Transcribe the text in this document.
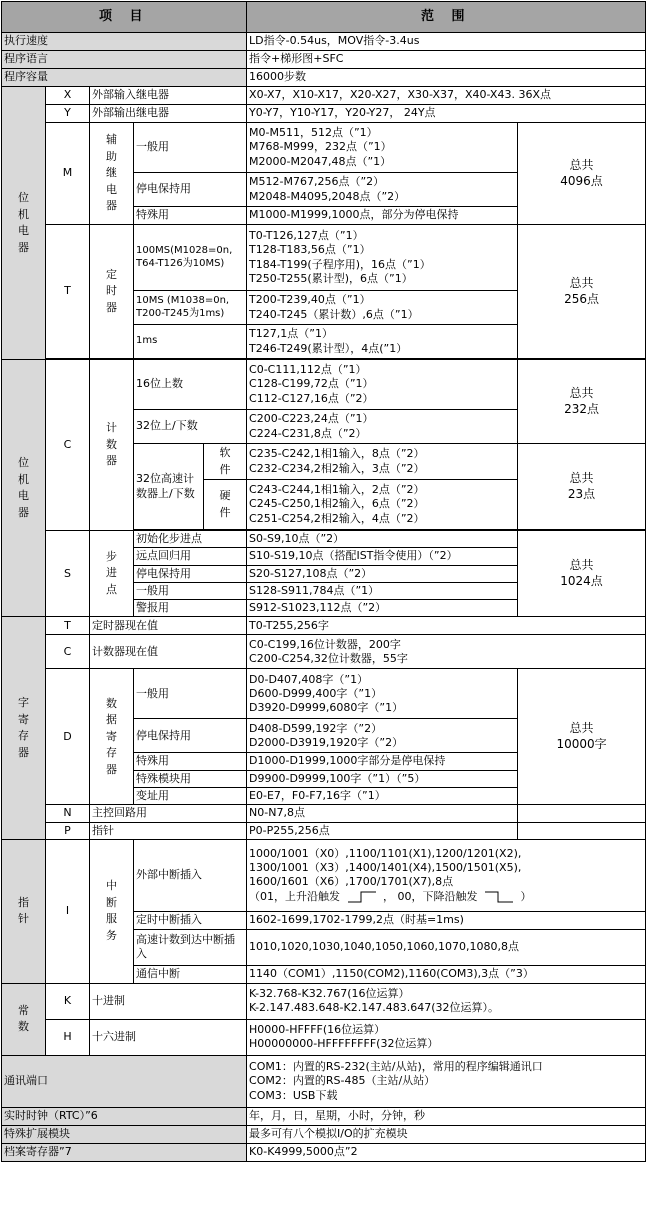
项 目					范 围	
执行速度					LD指令-0.54us，MOV指令-3.4us	
程序语言					指令+梯形图+SFC	
程序容量					16000步数	
位机电器	X	外部输入继电器			X0-X7，X10-X17，X20-X27，X30-X37，X40-X43. 36X点	
	Y	外部输出继电器			Y0-Y7，Y10-Y17，Y20-Y27， 24Y点	
	M	辅助继电器	一般用		M0-M511，512点（”1）
M768-M999，232点（”1）
M2000-M2047,48点（”1）	总共
4096点

			停电保持用		M512-M767,256点（”2）
M2048-M4095,2048点（”2）	

			特殊用		M1000-M1999,1000点，部分为停电保持	
	T	定时器	100MS(M1028=0n, T64-T126为10MS)		T0-T126,127点（”1）
T128-T183,56点（”1）
T184-T199(子程序用)，16点（”1）
T250-T255(累计型)，6点（”1）	总共
256点

			10MS (M1038=0n, T200-T245为1ms)		T200-T239,40点（”1）
T240-T245（累计数）,6点（”1）	

			1ms		T127,1点（”1）
T246-T249(累计型），4点(”1）	

位机电器	C	计数器	16位上数		C0-C111,112点（”1）
C128-C199,72点（”1）
C112-C127,16点（”2）	总共
232点

			32位上/下数		C200-C223,24点（”1）
C224-C231,8点（”2）	

			32位高速计数器上/下数	软件	C235-C242,1相1输入，8点（”2）
C232-C234,2相2输入，3点（”2）	总共
23点

				硬件	C243-C244,1相1输入，2点（”2）
C245-C250,1相2输入，6点（”2）
C251-C254,2相2输入，4点（”2）	

	S	步进点	初始化步进点		S0-S9,10点（”2）	总共
1024点

			远点回归用		S10-S19,10点（搭配IST指令使用）（”2）	
			停电保持用		S20-S127,108点（”2）	
			一般用		S128-S911,784点（”1）	
			警报用		S912-S1023,112点（”2）	
字寄存器	T	定时器现在值			T0-T255,256字	
	C	计数器现在值			C0-C199,16位计数器，200字
C200-C254,32位计数器，55字	

	D	数据寄存器	一般用		D0-D407,408字（”1）
D600-D999,400字（”1）
D3920-D9999,6080字（”1）	总共
10000字

			停电保持用		D408-D599,192字（”2）
D2000-D3919,1920字（”2）	

			特殊用		D1000-D1999,1000字部分是停电保持	
			特殊模块用		D9900-D9999,100字（”1）（”5）	
			变址用		E0-E7，F0-F7,16字（”1）	
	N	主控回路用			N0-N7,8点	
	P	指针			P0-P255,256点	
指针	I	中断服务	外部中断插入		1000/1001（X0）,1100/1101(X1),1200/1201(X2),
1300/1001（X3）,1400/1401(X4),1500/1501(X5),
1600/1601（X6）,1700/1701(X7),8点
（01，上升沿触发 ， 00，下降沿触发 ）	

			定时中断插入		1602-1699,1702-1799,2点（时基=1ms)	
			高速计数到达中断插入		1010,1020,1030,1040,1050,1060,1070,1080,8点	
			通信中断		1140（COM1）,1150(COM2),1160(COM3),3点（”3）	
常数	K	十进制			K-32.768-K32.767(16位运算）
K-2.147.483.648-K2.147.483.647(32位运算）。	

	H	十六进制			H0000-HFFFF(16位运算）
H00000000-HFFFFFFFF(32位运算）	

通讯端口					COM1：内置的RS-232(主站/从站)，常用的程序编辑通讯口
COM2：内置的RS-485（主站/从站）
COM3：USB下载	

实时时钟（RTC）”6					年，月，日，星期，小时，分钟，秒	
特殊扩展模块					最多可有八个模拟I/O的扩充模块	
档案寄存器”7					K0-K4999,5000点”2	
